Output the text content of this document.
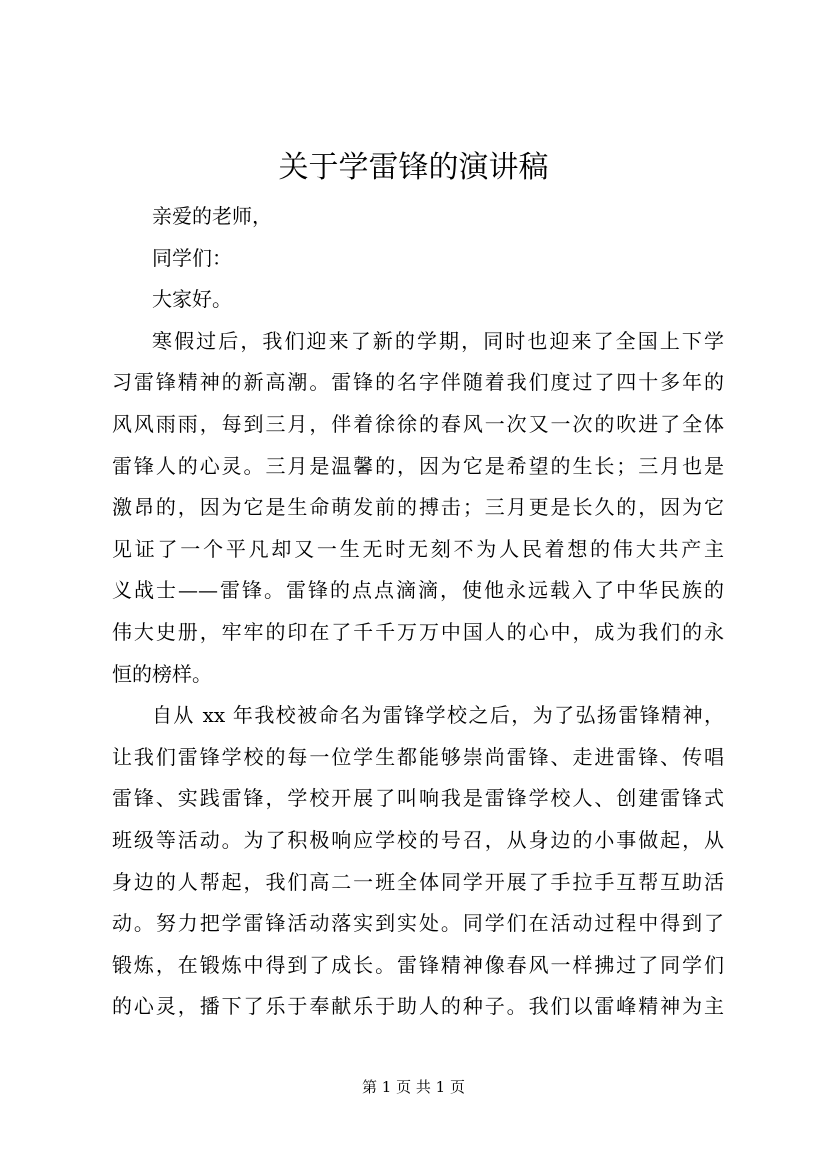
关于学雷锋的演讲稿
亲爱的老师，
同学们：
大家好。
寒假过后，我们迎来了新的学期，同时也迎来了全国上下学
习雷锋精神的新高潮。雷锋的名字伴随着我们度过了四十多年的
风风雨雨，每到三月，伴着徐徐的春风一次又一次的吹进了全体
雷锋人的心灵。三月是温馨的，因为它是希望的生长；三月也是
激昂的，因为它是生命萌发前的搏击；三月更是长久的，因为它
见证了一个平凡却又一生无时无刻不为人民着想的伟大共产主
义战士——雷锋。雷锋的点点滴滴，使他永远载入了中华民族的
伟大史册，牢牢的印在了千千万万中国人的心中，成为我们的永
恒的榜样。
自从 xx 年我校被命名为雷锋学校之后，为了弘扬雷锋精神，
让我们雷锋学校的每一位学生都能够崇尚雷锋、走进雷锋、传唱
雷锋、实践雷锋，学校开展了叫响我是雷锋学校人、创建雷锋式
班级等活动。为了积极响应学校的号召，从身边的小事做起，从
身边的人帮起，我们高二一班全体同学开展了手拉手互帮互助活
动。努力把学雷锋活动落实到实处。同学们在活动过程中得到了
锻炼，在锻炼中得到了成长。雷锋精神像春风一样拂过了同学们
的心灵，播下了乐于奉献乐于助人的种子。我们以雷峰精神为主
第 1 页 共 1 页
